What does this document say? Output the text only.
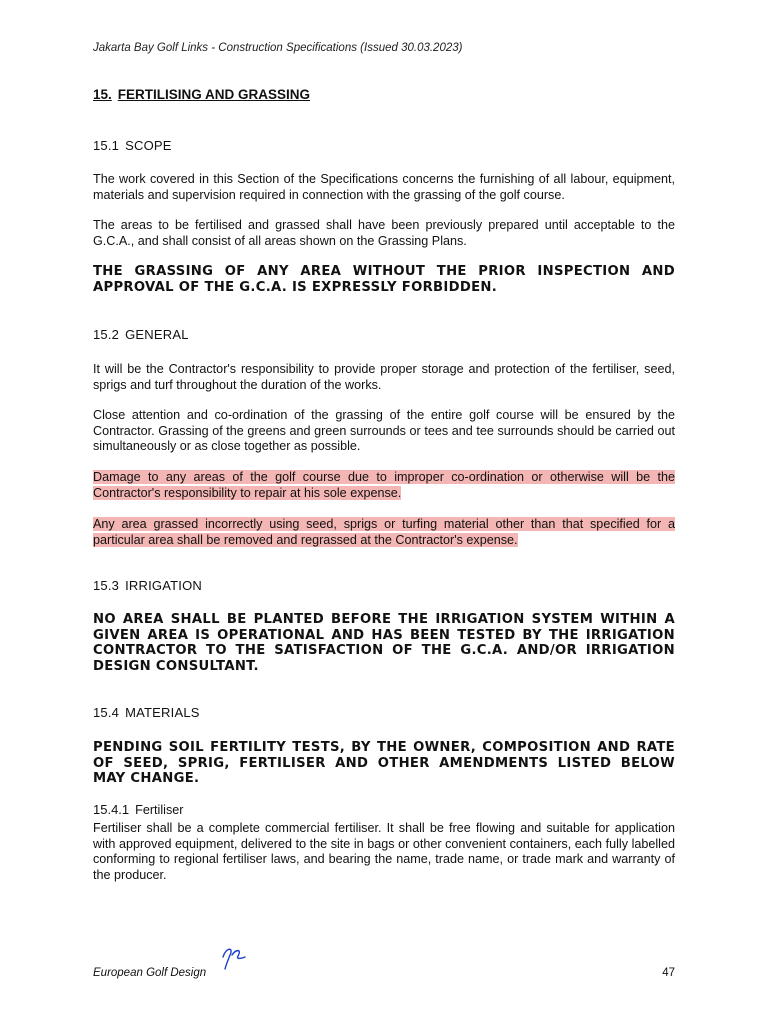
Jakarta Bay Golf Links - Construction Specifications (Issued 30.03.2023)
15. FERTILISING AND GRASSING
15.1 SCOPE
The work covered in this Section of the Specifications concerns the furnishing of all labour, equipment, materials and supervision required in connection with the grassing of the golf course.
The areas to be fertilised and grassed shall have been previously prepared until acceptable to the G.C.A., and shall consist of all areas shown on the Grassing Plans.
THE GRASSING OF ANY AREA WITHOUT THE PRIOR INSPECTION AND APPROVAL OF THE G.C.A. IS EXPRESSLY FORBIDDEN.
15.2 GENERAL
It will be the Contractor's responsibility to provide proper storage and protection of the fertiliser, seed, sprigs and turf throughout the duration of the works.
Close attention and co-ordination of the grassing of the entire golf course will be ensured by the Contractor. Grassing of the greens and green surrounds or tees and tee surrounds should be carried out simultaneously or as close together as possible.
Damage to any areas of the golf course due to improper co-ordination or otherwise will be the Contractor's responsibility to repair at his sole expense.
Any area grassed incorrectly using seed, sprigs or turfing material other than that specified for a particular area shall be removed and regrassed at the Contractor's expense.
15.3 IRRIGATION
NO AREA SHALL BE PLANTED BEFORE THE IRRIGATION SYSTEM WITHIN A GIVEN AREA IS OPERATIONAL AND HAS BEEN TESTED BY THE IRRIGATION CONTRACTOR TO THE SATISFACTION OF THE G.C.A. AND/OR IRRIGATION DESIGN CONSULTANT.
15.4 MATERIALS
PENDING SOIL FERTILITY TESTS, BY THE OWNER, COMPOSITION AND RATE OF SEED, SPRIG, FERTILISER AND OTHER AMENDMENTS LISTED BELOW MAY CHANGE.
15.4.1 Fertiliser
Fertiliser shall be a complete commercial fertiliser. It shall be free flowing and suitable for application with approved equipment, delivered to the site in bags or other convenient containers, each fully labelled conforming to regional fertiliser laws, and bearing the name, trade name, or trade mark and warranty of the producer.
European Golf Design	47
